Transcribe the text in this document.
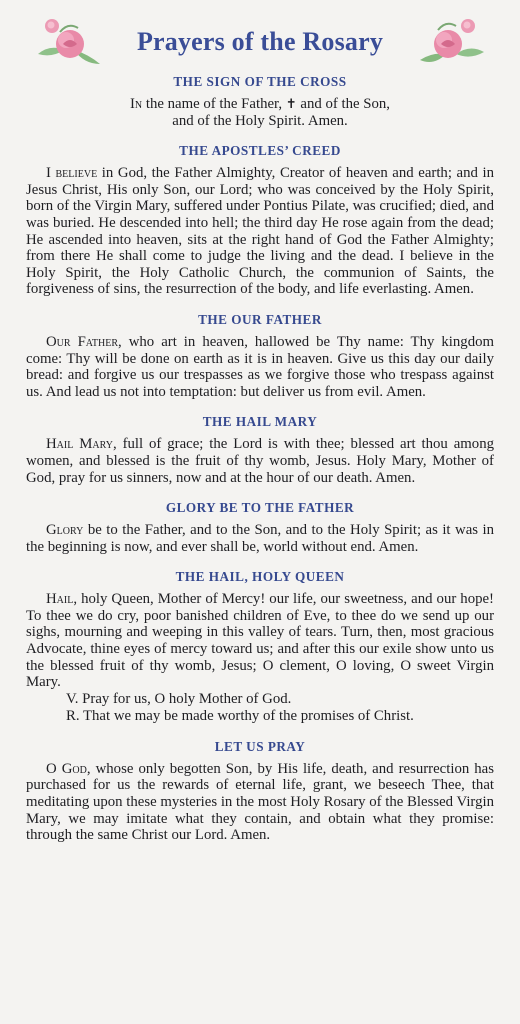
Prayers of the Rosary
THE SIGN OF THE CROSS

In the name of the Father, ✝ and of the Son,
and of the Holy Spirit. Amen.

THE APOSTLES’ CREED

I believe in God, the Father Almighty, Creator of heaven and earth; and in Jesus Christ, His only Son, our Lord; who was conceived by the Holy Spirit, born of the Virgin Mary, suffered under Pontius Pilate, was crucified; died, and was buried. He descended into hell; the third day He rose again from the dead; He ascended into heaven, sits at the right hand of God the Father Almighty; from there He shall come to judge the living and the dead. I believe in the Holy Spirit, the Holy Catholic Church, the communion of Saints, the forgiveness of sins, the resurrection of the body, and life everlasting. Amen.

THE OUR FATHER

Our Father, who art in heaven, hallowed be Thy name: Thy kingdom come: Thy will be done on earth as it is in heaven. Give us this day our daily bread: and forgive us our trespasses as we forgive those who trespass against us. And lead us not into temptation: but deliver us from evil. Amen.

THE HAIL MARY

Hail Mary, full of grace; the Lord is with thee; blessed art thou among women, and blessed is the fruit of thy womb, Jesus. Holy Mary, Mother of God, pray for us sinners, now and at the hour of our death. Amen.

GLORY BE TO THE FATHER

Glory be to the Father, and to the Son, and to the Holy Spirit; as it was in the beginning is now, and ever shall be, world without end. Amen.

THE HAIL, HOLY QUEEN

Hail, holy Queen, Mother of Mercy! our life, our sweetness, and our hope! To thee we do cry, poor banished children of Eve, to thee do we send up our sighs, mourning and weeping in this valley of tears. Turn, then, most gracious Advocate, thine eyes of mercy toward us; and after this our exile show unto us the blessed fruit of thy womb, Jesus; O clement, O loving, O sweet Virgin Mary.

V. Pray for us, O holy Mother of God.

R. That we may be made worthy of the promises of Christ.

LET US PRAY

O God, whose only begotten Son, by His life, death, and resurrection has purchased for us the rewards of eternal life, grant, we beseech Thee, that meditating upon these mysteries in the most Holy Rosary of the Blessed Virgin Mary, we may imitate what they contain, and obtain what they promise: through the same Christ our Lord. Amen.
